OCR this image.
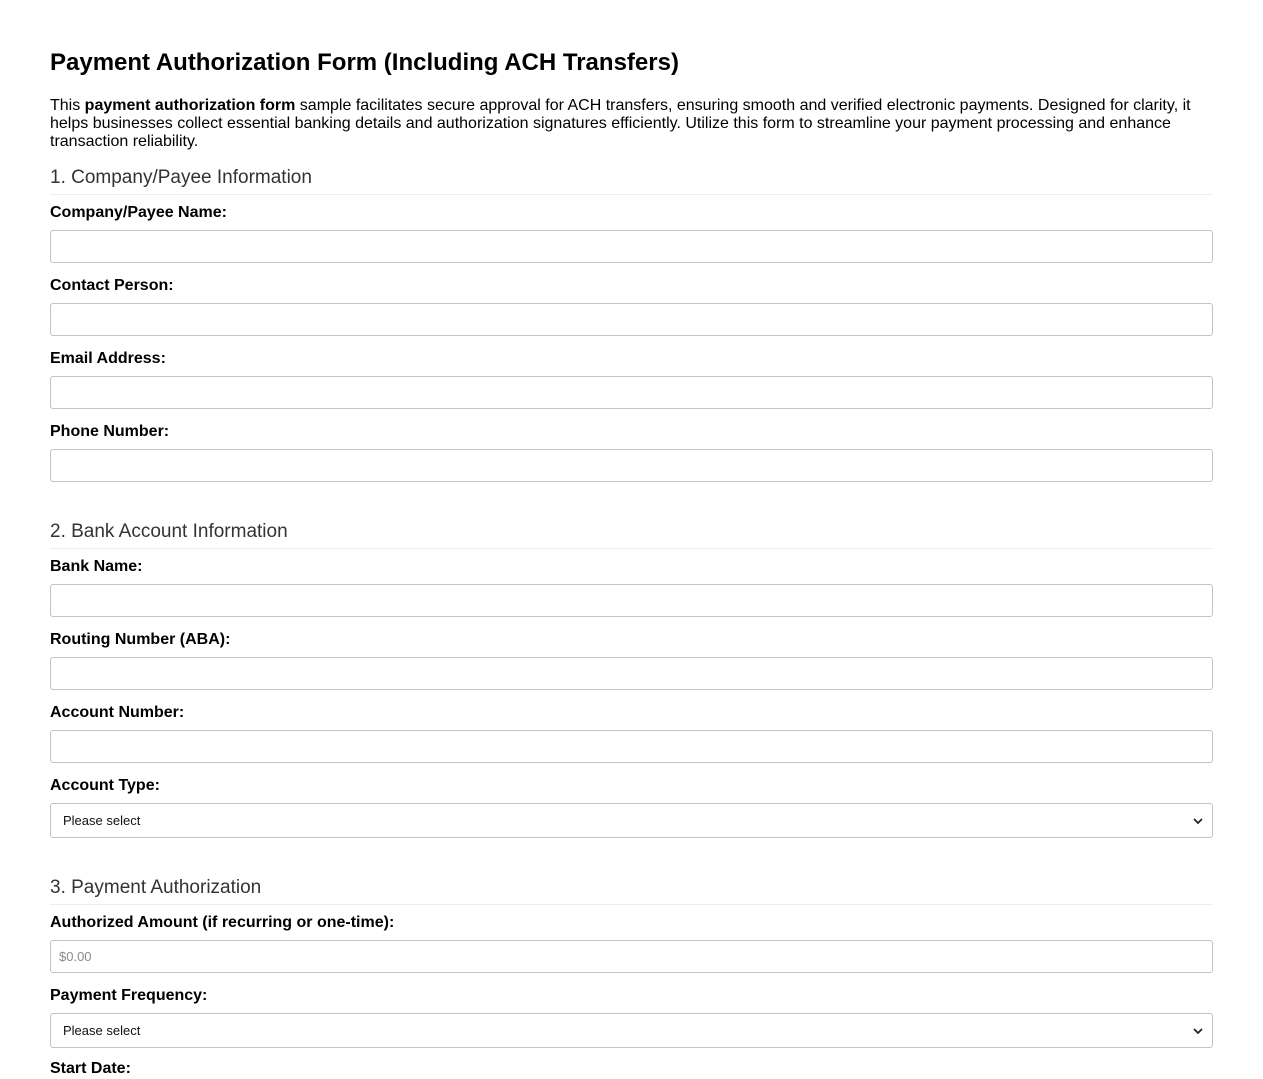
Payment Authorization Form (Including ACH Transfers)

This payment authorization form sample facilitates secure approval for ACH transfers, ensuring smooth and verified electronic payments. Designed for clarity, it helps businesses collect essential banking details and authorization signatures efficiently. Utilize this form to streamline your payment processing and enhance transaction reliability.

1. Company/Payee Information
Company/Payee Name:
Contact Person:
Email Address:
Phone Number:
2. Bank Account Information
Bank Name:
Routing Number (ABA):
Account Number:
Account Type:
Please select
3. Payment Authorization
Authorized Amount (if recurring or one-time):
$0.00
Payment Frequency:
Please select
Start Date:
